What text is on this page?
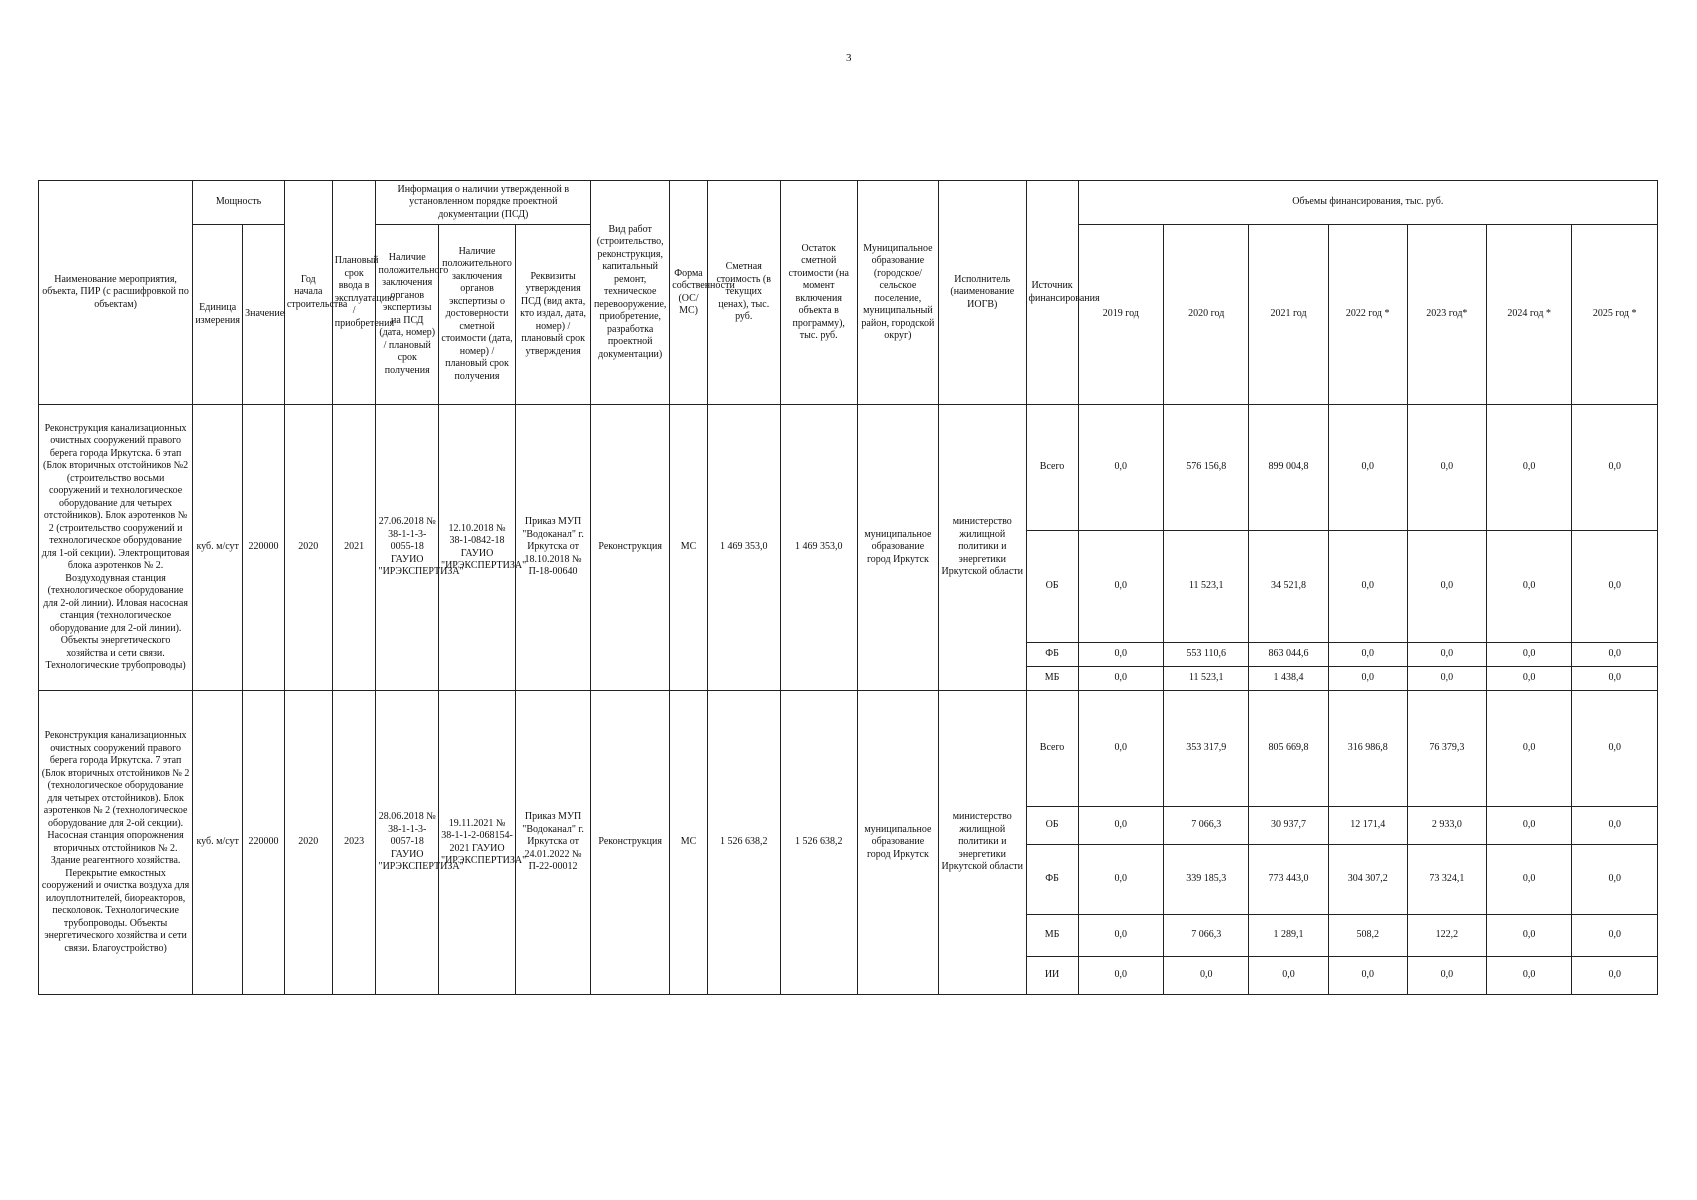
3
Наименование мероприятия, объекта, ПИР (с расшифровкой по объектам)	Мощность		Год начала строительства	Плановый срок ввода в эксплуатацию / приобретения	Информация о наличии утвержденной в установленном порядке проектной документации (ПСД)			Вид работ (строительство, реконструкция, капитальный ремонт, техническое перевооружение, приобретение, разработка проектной документации)	Форма собственности (ОС/МС)	Сметная стоимость (в текущих ценах), тыс. руб.	Остаток сметной стоимости (на момент включения объекта в программу), тыс. руб.	Муниципальное образование (городское/сельское поселение, муниципальный район, городской округ)	Исполнитель (наименование ИОГВ)	Источник финансирования	Объемы финансирования, тыс. руб.						
	Единица измерения	Значение			Наличие положительного заключения органов экспертизы на ПСД (дата, номер) / плановый срок получения	Наличие положительного заключения органов экспертизы о достоверности сметной стоимости (дата, номер) / плановый срок получения	Реквизиты утверждения ПСД (вид акта, кто издал, дата, номер) / плановый срок утверждения								2019 год	2020 год	2021 год	2022 год *	2023 год*	2024 год *	2025 год *
Реконструкция канализационных очистных сооружений правого берега города Иркутска. 6 этап (Блок вторичных отстойников №2 (строительство восьми сооружений и технологическое оборудование для четырех отстойников). Блок аэротенков № 2 (строительство сооружений и технологическое оборудование для 1-ой секции). Электрощитовая блока аэротенков № 2. Воздуходувная станция (технологическое оборудование для 2-ой линии). Иловая насосная станция (технологическое оборудование для 2-ой линии). Объекты энергетического хозяйства и сети связи. Технологические трубопроводы)	куб. м/сут	220000	2020	2021	27.06.2018 № 38-1-1-3-0055-18 ГАУИО "ИРЭКСПЕРТИЗА"	12.10.2018 № 38-1-0842-18 ГАУИО "ИРЭКСПЕРТИЗА"	Приказ МУП "Водоканал" г. Иркутска от 18.10.2018 № П-18-00640	Реконструкция	МС	1 469 353,0	1 469 353,0	муниципальное образование город Иркутск	министерство жилищной политики и энергетики Иркутской области	Всего	0,0	576 156,8	899 004,8	0,0	0,0	0,0	0,0
														ОБ	0,0	11 523,1	34 521,8	0,0	0,0	0,0	0,0
														ФБ	0,0	553 110,6	863 044,6	0,0	0,0	0,0	0,0
														МБ	0,0	11 523,1	1 438,4	0,0	0,0	0,0	0,0
Реконструкция канализационных очистных сооружений правого берега города Иркутска. 7 этап (Блок вторичных отстойников № 2 (технологическое оборудование для четырех отстойников). Блок аэротенков № 2 (технологическое оборудование для 2-ой секции). Насосная станция опорожнения вторичных отстойников № 2. Здание реагентного хозяйства. Перекрытие емкостных сооружений и очистка воздуха для илоуплотнителей, биореакторов, песколовок. Технологические трубопроводы. Объекты энергетического хозяйства и сети связи. Благоустройство)	куб. м/сут	220000	2020	2023	28.06.2018 № 38-1-1-3-0057-18 ГАУИО "ИРЭКСПЕРТИЗА"	19.11.2021 № 38-1-1-2-068154-2021 ГАУИО "ИРЭКСПЕРТИЗА"	Приказ МУП "Водоканал" г. Иркутска от 24.01.2022 № П-22-00012	Реконструкция	МС	1 526 638,2	1 526 638,2	муниципальное образование город Иркутск	министерство жилищной политики и энергетики Иркутской области	Всего	0,0	353 317,9	805 669,8	316 986,8	76 379,3	0,0	0,0
														ОБ	0,0	7 066,3	30 937,7	12 171,4	2 933,0	0,0	0,0
														ФБ	0,0	339 185,3	773 443,0	304 307,2	73 324,1	0,0	0,0
														МБ	0,0	7 066,3	1 289,1	508,2	122,2	0,0	0,0
														ИИ	0,0	0,0	0,0	0,0	0,0	0,0	0,0
